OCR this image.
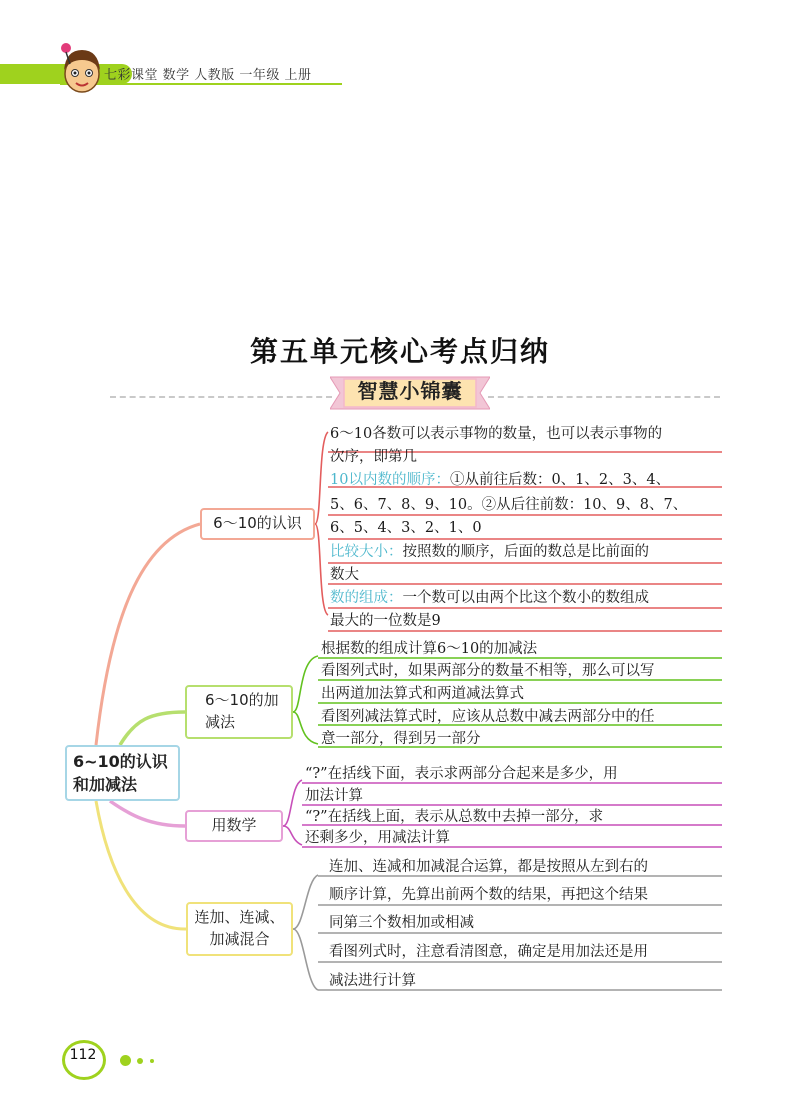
七彩课堂 数学 人教版 一年级 上册
第五单元核心考点归纳
智慧小锦囊
6~10的认识
和加减法
6～10的认识
6～10的加
减法
用数学
连加、连减、
加减混合
6～10各数可以表示事物的数量，也可以表示事物的
次序，即第几
10以内数的顺序：①从前往后数：0、1、2、3、4、
5、6、7、8、9、10。②从后往前数：10、9、8、7、
6、5、4、3、2、1、0
比较大小：按照数的顺序，后面的数总是比前面的
数大
数的组成：一个数可以由两个比这个数小的数组成
最大的一位数是9
根据数的组成计算6～10的加减法
看图列式时，如果两部分的数量不相等，那么可以写
出两道加法算式和两道减法算式
看图列减法算式时，应该从总数中减去两部分中的任
意一部分，得到另一部分
“?”在括线下面，表示求两部分合起来是多少，用
加法计算
“?”在括线上面，表示从总数中去掉一部分，求
还剩多少，用减法计算
连加、连减和加减混合运算，都是按照从左到右的
顺序计算，先算出前两个数的结果，再把这个结果
同第三个数相加或相减
看图列式时，注意看清图意，确定是用加法还是用
减法进行计算
112
